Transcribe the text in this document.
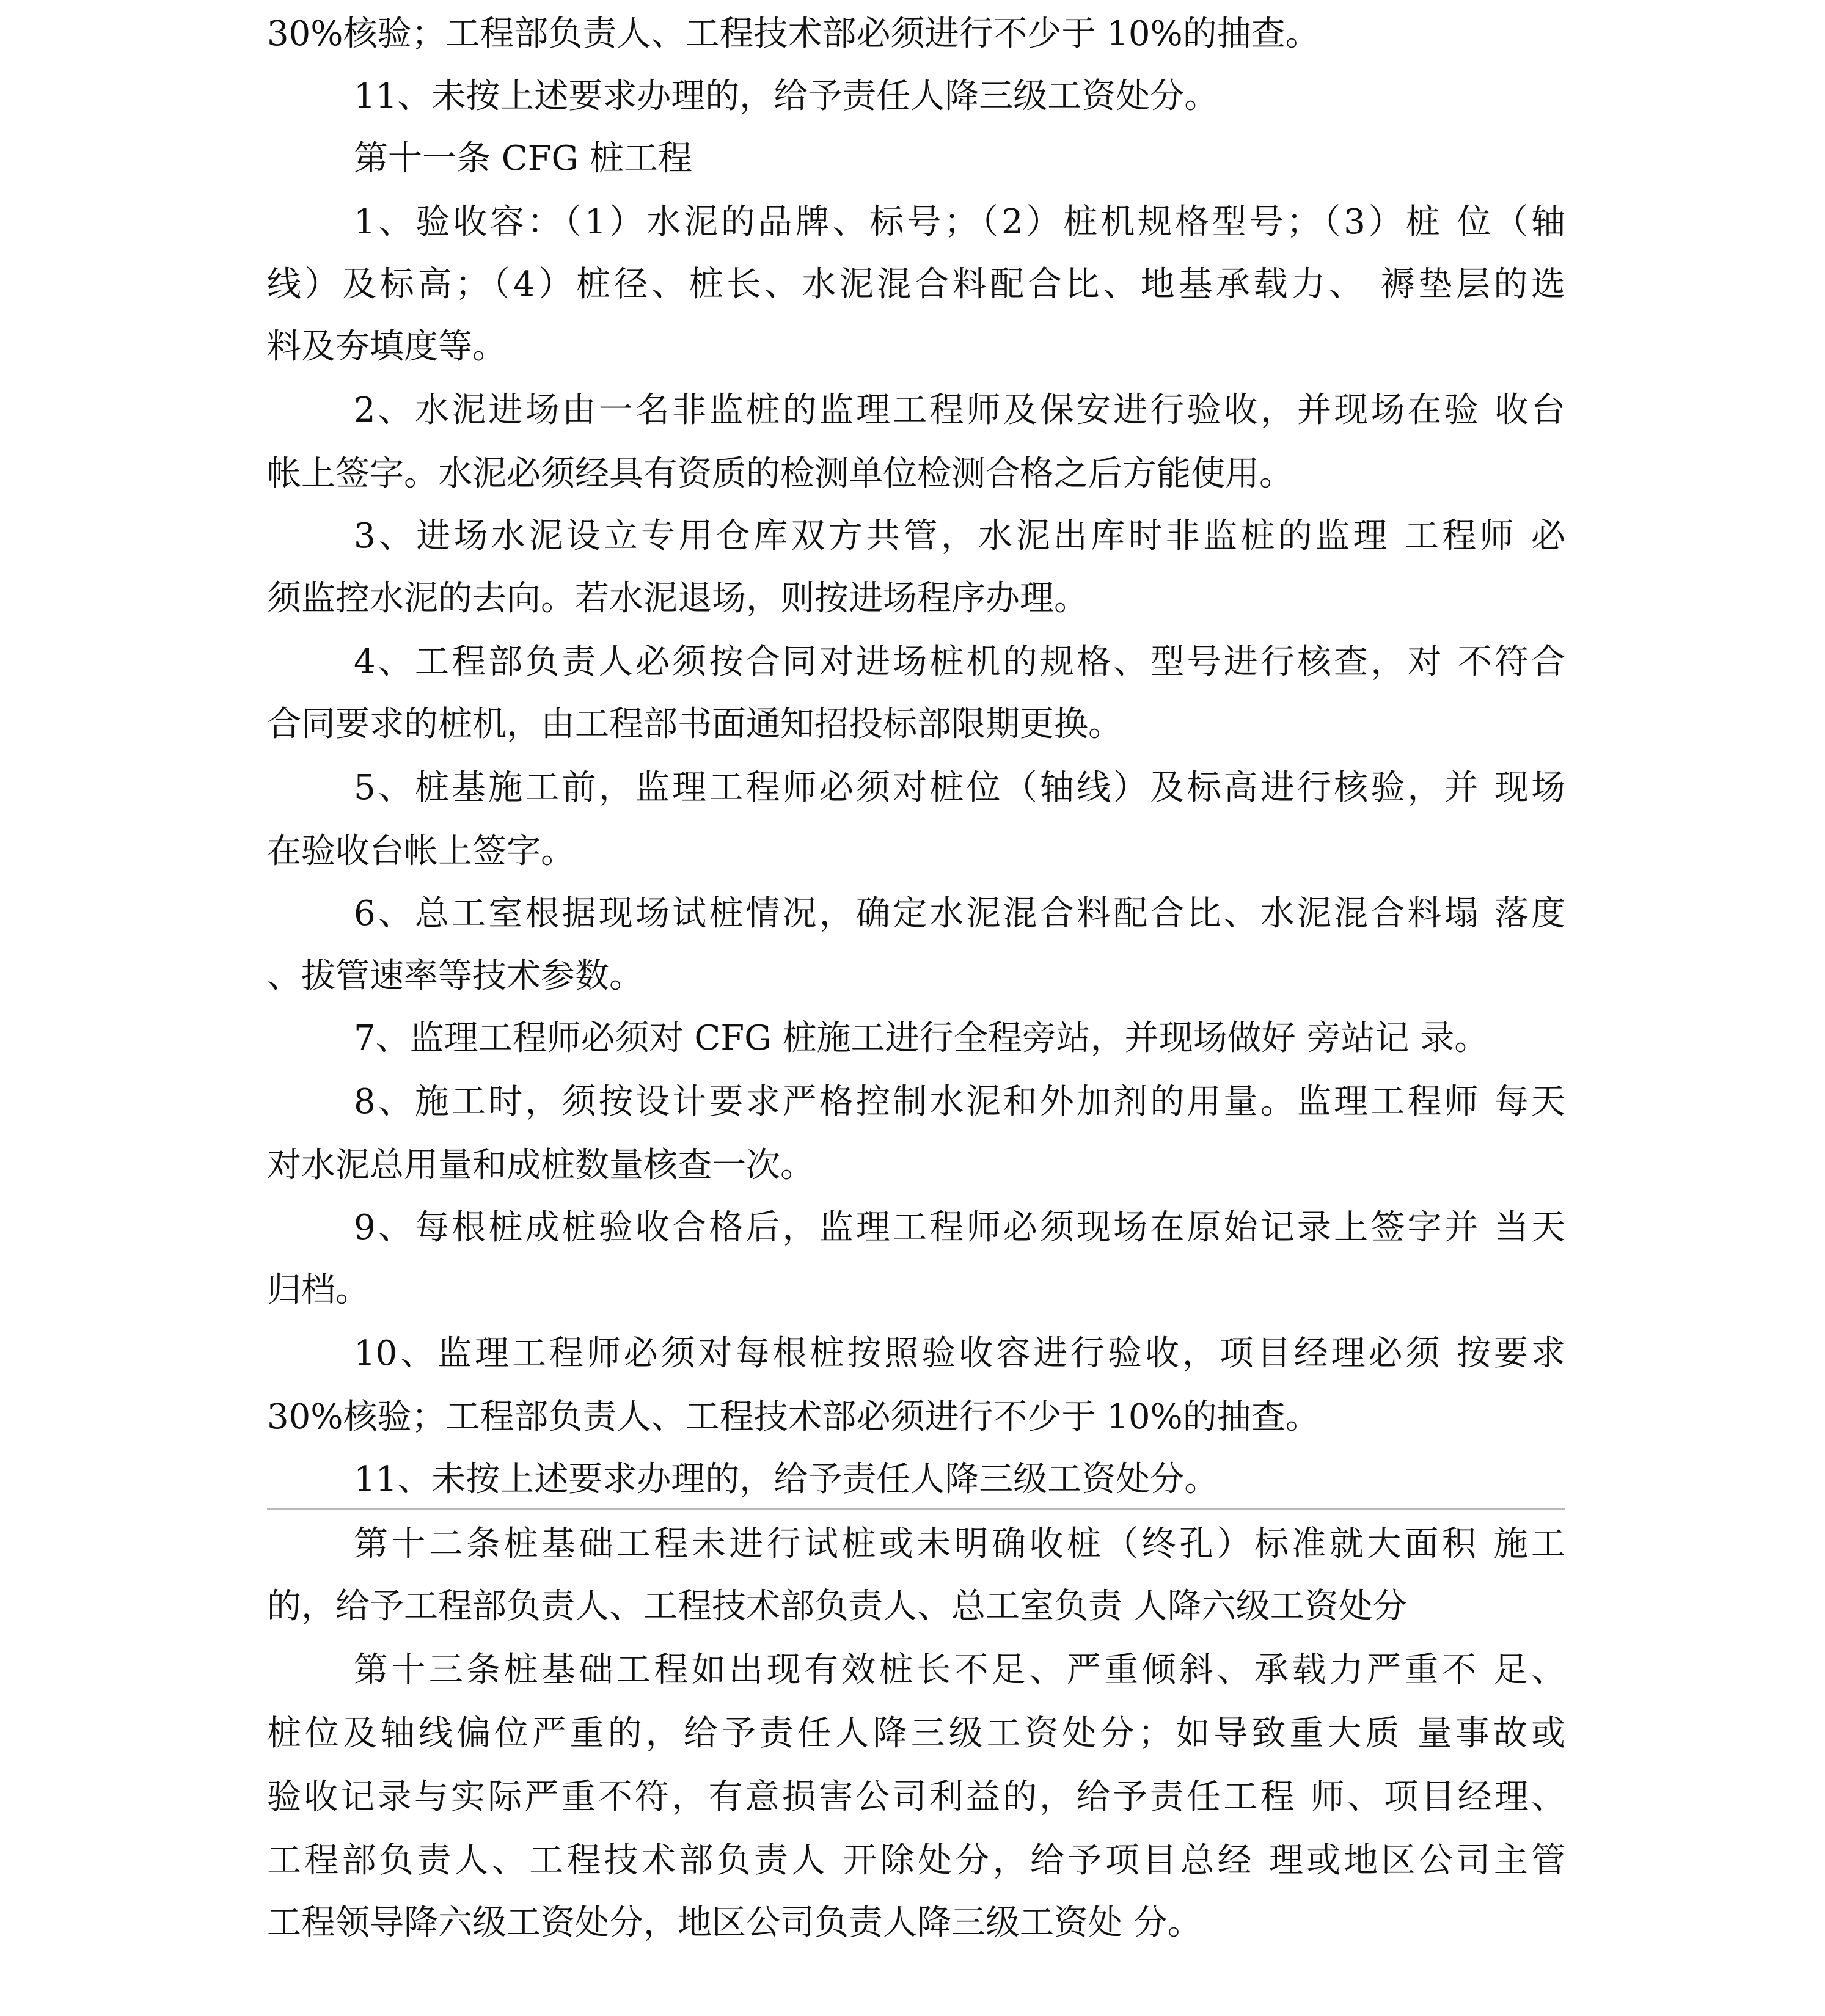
30%核验；工程部负责人、工程技术部必须进行不少于 10%的抽查。
11、未按上述要求办理的，给予责任人降三级工资处分。
第十一条 CFG 桩工程
1、验收容：（1）水泥的品牌、标号；（2）桩机规格型号；（3）桩 位（轴
线）及标高；（4）桩径、桩长、水泥混合料配合比、地基承载力、 褥垫层的选
料及夯填度等。
2、水泥进场由一名非监桩的监理工程师及保安进行验收，并现场在验 收台
帐上签字。水泥必须经具有资质的检测单位检测合格之后方能使用。
3、进场水泥设立专用仓库双方共管，水泥出库时非监桩的监理 工程师 必
须监控水泥的去向。若水泥退场，则按进场程序办理。
4、工程部负责人必须按合同对进场桩机的规格、型号进行核查，对 不符合
合同要求的桩机，由工程部书面通知招投标部限期更换。
5、桩基施工前，监理工程师必须对桩位（轴线）及标高进行核验，并 现场
在验收台帐上签字。
6、总工室根据现场试桩情况，确定水泥混合料配合比、水泥混合料塌 落度
、拔管速率等技术参数。
7、监理工程师必须对 CFG 桩施工进行全程旁站，并现场做好 旁站记 录。
8、施工时，须按设计要求严格控制水泥和外加剂的用量。监理工程师 每天
对水泥总用量和成桩数量核查一次。
9、每根桩成桩验收合格后，监理工程师必须现场在原始记录上签字并 当天
归档。
10、监理工程师必须对每根桩按照验收容进行验收，项目经理必须 按要求
30%核验；工程部负责人、工程技术部必须进行不少于 10%的抽查。
11、未按上述要求办理的，给予责任人降三级工资处分。
第十二条桩基础工程未进行试桩或未明确收桩（终孔）标准就大面积 施工
的，给予工程部负责人、工程技术部负责人、总工室负责 人降六级工资处分
第十三条桩基础工程如出现有效桩长不足、严重倾斜、承载力严重不 足、
桩位及轴线偏位严重的，给予责任人降三级工资处分；如导致重大质 量事故或
验收记录与实际严重不符，有意损害公司利益的，给予责任工程 师、项目经理、
工程部负责人、工程技术部负责人 开除处分，给予项目总经 理或地区公司主管
工程领导降六级工资处分，地区公司负责人降三级工资处 分。
